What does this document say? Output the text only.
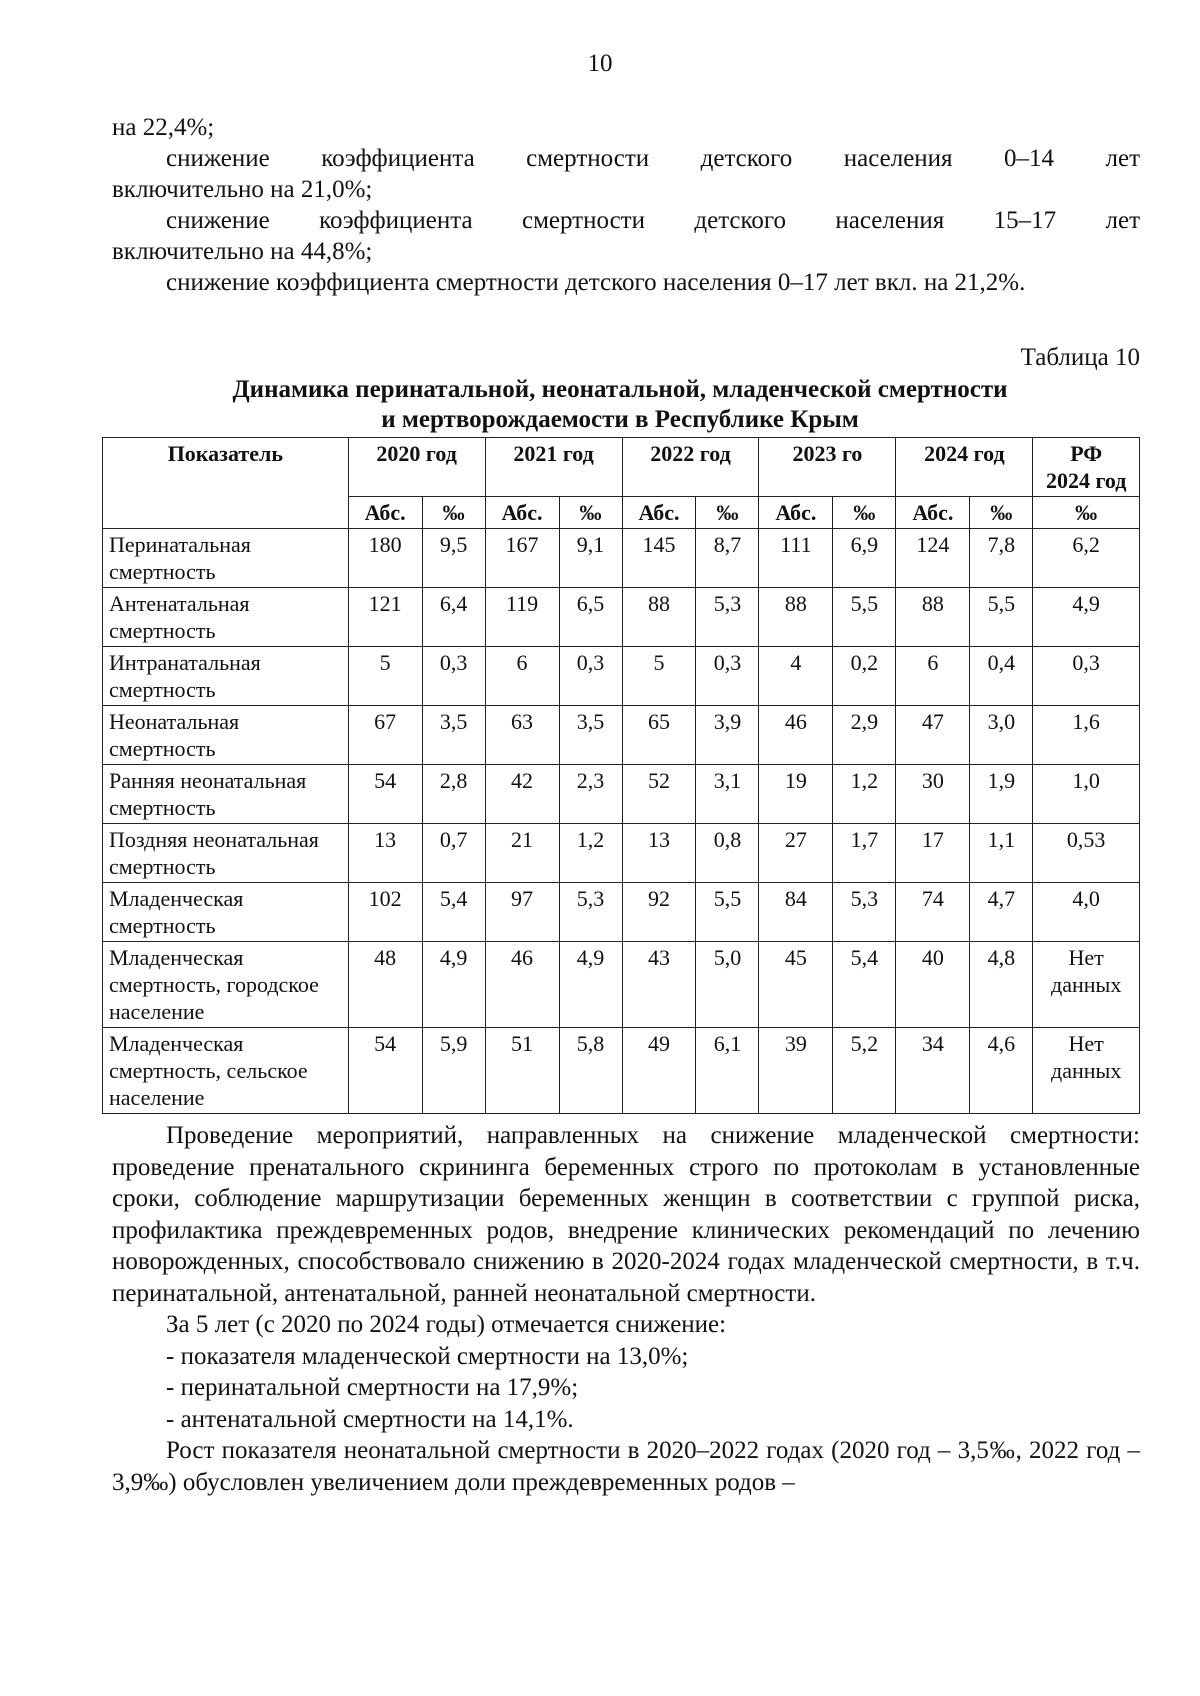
10

на 22,4%;

снижение коэффициента смертности детского населения 0–14 лет

включительно на 21,0%;

снижение коэффициента смертности детского населения 15–17 лет

включительно на 44,8%;

снижение коэффициента смертности детского населения 0–17 лет вкл. на 21,2%.

Таблица 10
Динамика перинатальной, неонатальной, младенческой смертности
и мертворождаемости в Республике Крым
Показатель	2020 год		2021 год		2022 год		2023 го		2024 год		РФ
2024 год

	Абс.	‰	Абс.	‰	Абс.	‰	Абс.	‰	Абс.	‰	‰
Перинатальная смертность	180	9,5	167	9,1	145	8,7	111	6,9	124	7,8	6,2
Антенатальная смертность	121	6,4	119	6,5	88	5,3	88	5,5	88	5,5	4,9
Интранатальная смертность	5	0,3	6	0,3	5	0,3	4	0,2	6	0,4	0,3
Неонатальная смертность	67	3,5	63	3,5	65	3,9	46	2,9	47	3,0	1,6
Ранняя неонатальная смертность	54	2,8	42	2,3	52	3,1	19	1,2	30	1,9	1,0
Поздняя неонатальная смертность	13	0,7	21	1,2	13	0,8	27	1,7	17	1,1	0,53
Младенческая смертность	102	5,4	97	5,3	92	5,5	84	5,3	74	4,7	4,0
Младенческая смертность, городское население	48	4,9	46	4,9	43	5,0	45	5,4	40	4,8	Нет данных
Младенческая смертность, сельское население	54	5,9	51	5,8	49	6,1	39	5,2	34	4,6	Нет данных

Проведение мероприятий, направленных на снижение младенческой смертности: проведение пренатального скрининга беременных строго по протоколам в установленные сроки, соблюдение маршрутизации беременных женщин в соответствии с группой риска, профилактика преждевременных родов, внедрение клинических рекомендаций по лечению новорожденных, способствовало снижению в 2020-2024 годах младенческой смертности, в т.ч. перинатальной, антенатальной, ранней неонатальной смертности.

За 5 лет (с 2020 по 2024 годы) отмечается снижение:

- показателя младенческой смертности на 13,0%;

- перинатальной смертности на 17,9%;

- антенатальной смертности на 14,1%.

Рост показателя неонатальной смертности в 2020–2022 годах (2020 год – 3,5‰, 2022 год – 3,9‰) обусловлен увеличением доли преждевременных родов –
